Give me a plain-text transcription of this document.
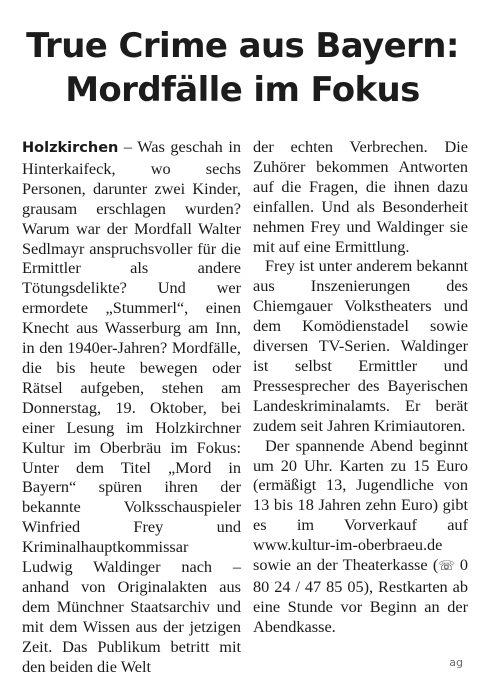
True Crime aus Bayern:
Mordfälle im Fokus

Holzkirchen – Was geschah in Hinterkaifeck, wo sechs Personen, darunter zwei Kinder, grausam erschlagen wurden? Warum war der Mordfall Walter Sedlmayr anspruchsvoller für die Ermittler als andere Tötungsdelikte? Und wer ermordete „Stummerl“, einen Knecht aus Wasserburg am Inn, in den 1940er-Jahren? Mordfälle, die bis heute bewegen oder Rätsel aufgeben, stehen am Donnerstag, 19. Oktober, bei einer Lesung im Holzkirchner Kultur im Oberbräu im Fokus: Unter dem Titel „Mord in Bayern“ spüren ihren der bekannte Volksschauspieler Winfried Frey und Kriminalhauptkommissar Ludwig Waldinger nach – anhand von Originalakten aus dem Münchner Staatsarchiv und mit dem Wissen aus der jetzigen Zeit. Das Publikum betritt mit den beiden die Welt

der echten Verbrechen. Die Zuhörer bekommen Antworten auf die Fragen, die ihnen dazu einfallen. Und als Besonderheit nehmen Frey und Waldinger sie mit auf eine Ermittlung.

Frey ist unter anderem bekannt aus Inszenierungen des Chiemgauer Volkstheaters und dem Komödienstadel sowie diversen TV-Serien. Waldinger ist selbst Ermittler und Pressesprecher des Bayerischen Landeskriminalamts. Er berät zudem seit Jahren Krimiautoren.

Der spannende Abend beginnt um 20 Uhr. Karten zu 15 Euro (ermäßigt 13, Jugendliche von 13 bis 18 Jahren zehn Euro) gibt es im Vorverkauf auf www.kultur-im-oberbraeu.de sowie an der Theaterkasse (☏ 0 80 24 / 47 85 05), Restkarten ab eine Stunde vor Beginn an der Abendkasse.

ag
